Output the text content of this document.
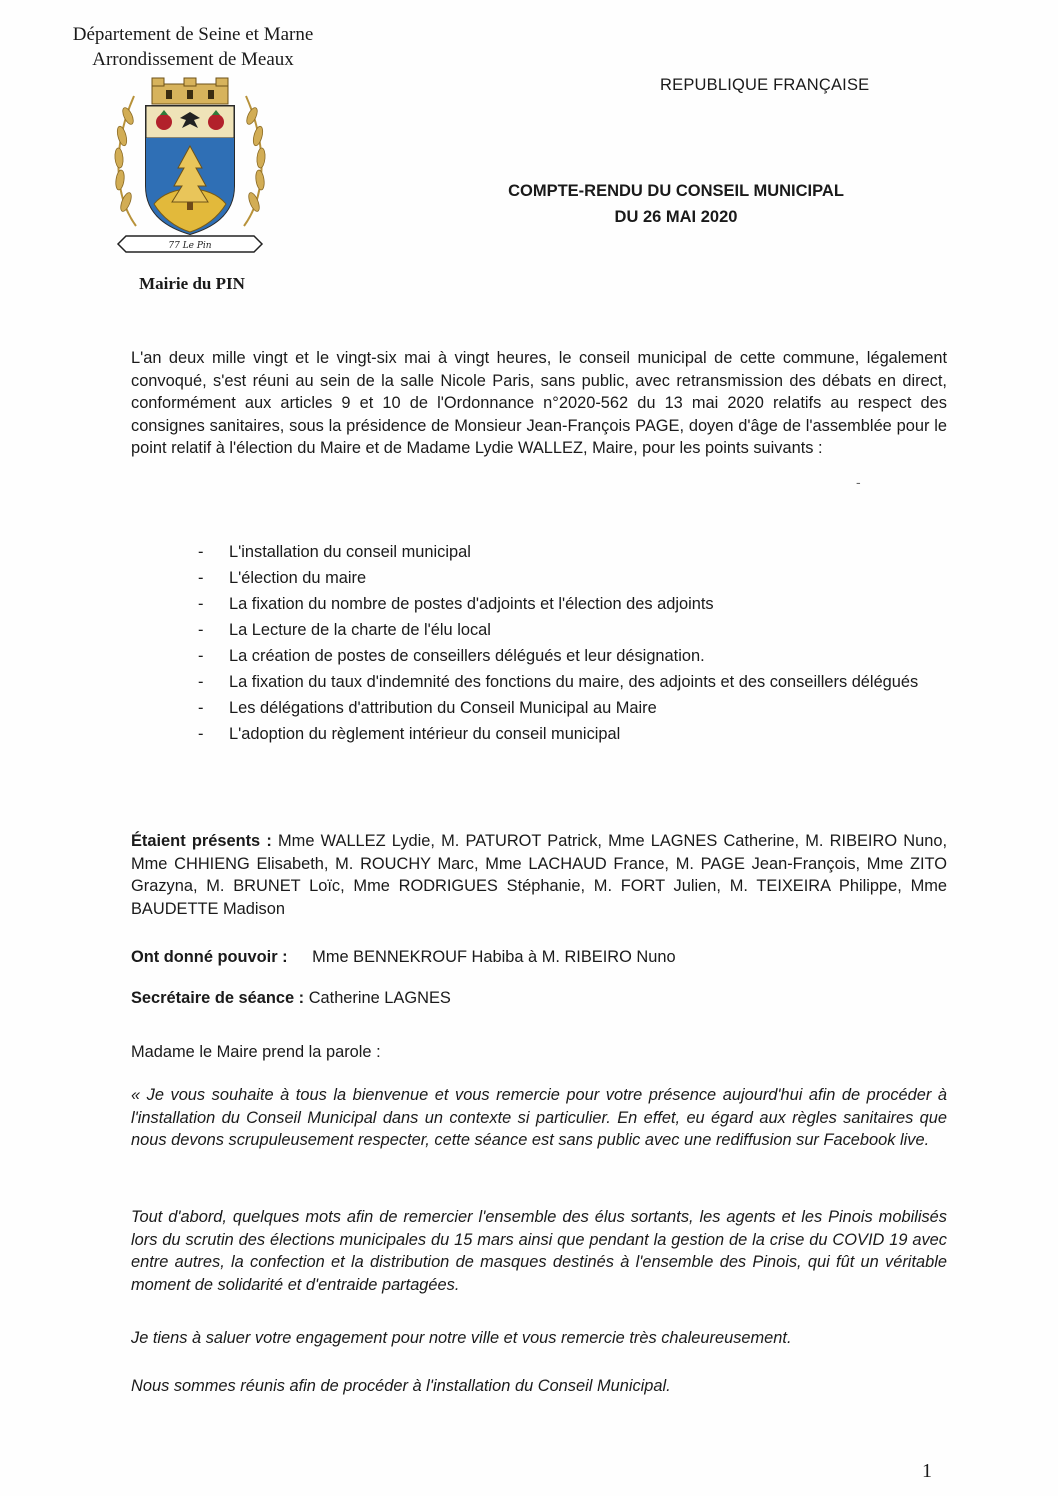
Département de Seine et Marne
Arrondissement de Meaux
77 Le Pin
Mairie du PIN
REPUBLIQUE FRANÇAISE
COMPTE-RENDU DU CONSEIL MUNICIPAL
DU 26 MAI 2020
L'an deux mille vingt et le vingt-six mai à vingt heures, le conseil municipal de cette commune, légalement convoqué, s'est réuni au sein de la salle Nicole Paris, sans public, avec retransmission des débats en direct, conformément aux articles 9 et 10 de l'Ordonnance n°2020-562 du 13 mai 2020 relatifs au respect des consignes sanitaires, sous la présidence de Monsieur Jean-François PAGE, doyen d'âge de l'assemblée pour le point relatif à l'élection du Maire et de Madame Lydie WALLEZ, Maire, pour les points suivants :
-
- L'installation du conseil municipal
- L'élection du maire
- La fixation du nombre de postes d'adjoints et l'élection des adjoints
- La Lecture de la charte de l'élu local
- La création de postes de conseillers délégués et leur désignation.
- La fixation du taux d'indemnité des fonctions du maire, des adjoints et des conseillers délégués
- Les délégations d'attribution du Conseil Municipal au Maire
- L'adoption du règlement intérieur du conseil municipal
Étaient présents : Mme WALLEZ Lydie, M. PATUROT Patrick, Mme LAGNES Catherine, M. RIBEIRO Nuno, Mme CHHIENG Elisabeth, M. ROUCHY Marc, Mme LACHAUD France, M. PAGE Jean-François, Mme ZITO Grazyna, M. BRUNET Loïc, Mme RODRIGUES Stéphanie, M. FORT Julien, M. TEIXEIRA Philippe, Mme BAUDETTE Madison
Ont donné pouvoir : Mme BENNEKROUF Habiba à M. RIBEIRO Nuno
Secrétaire de séance : Catherine LAGNES
Madame le Maire prend la parole :
« Je vous souhaite à tous la bienvenue et vous remercie pour votre présence aujourd'hui afin de procéder à l'installation du Conseil Municipal dans un contexte si particulier. En effet, eu égard aux règles sanitaires que nous devons scrupuleusement respecter, cette séance est sans public avec une rediffusion sur Facebook live.
Tout d'abord, quelques mots afin de remercier l'ensemble des élus sortants, les agents et les Pinois mobilisés lors du scrutin des élections municipales du 15 mars ainsi que pendant la gestion de la crise du COVID 19 avec entre autres, la confection et la distribution de masques destinés à l'ensemble des Pinois, qui fût un véritable moment de solidarité et d'entraide partagées.
Je tiens à saluer votre engagement pour notre ville et vous remercie très chaleureusement.
Nous sommes réunis afin de procéder à l'installation du Conseil Municipal.
1
